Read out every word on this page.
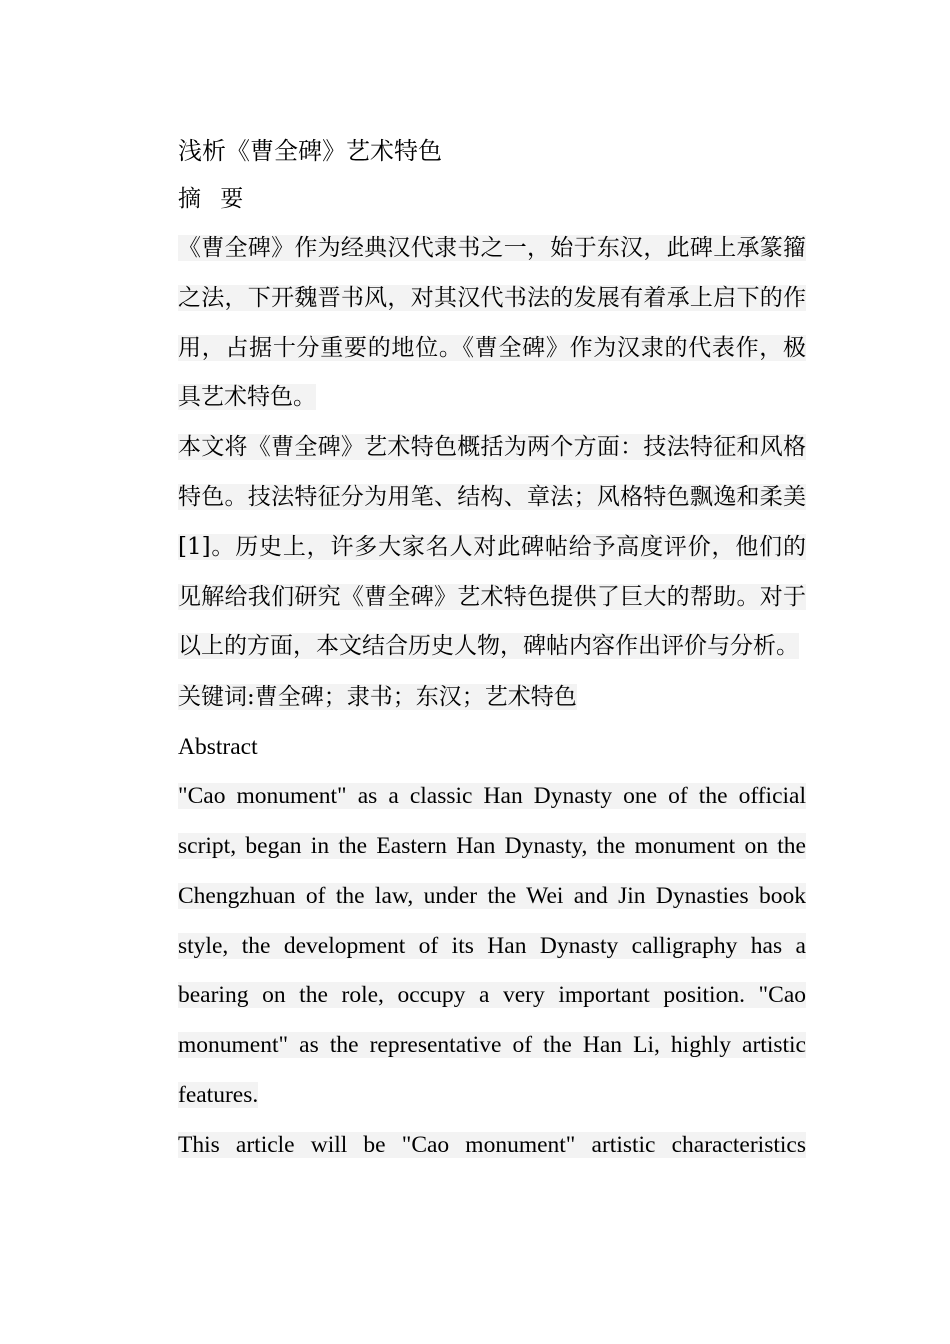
浅析《曹全碑》艺术特色

摘 要

《曹全碑》作为经典汉代隶书之一，始于东汉，此碑上承篆籀之法，下开魏晋书风，对其汉代书法的发展有着承上启下的作用，占据十分重要的地位。《曹全碑》作为汉隶的代表作，极具艺术特色。

本文将《曹全碑》艺术特色概括为两个方面：技法特征和风格特色。技法特征分为用笔、结构、章法；风格特色飘逸和柔美[1]。历史上，许多大家名人对此碑帖给予高度评价，他们的见解给我们研究《曹全碑》艺术特色提供了巨大的帮助。对于以上的方面，本文结合历史人物，碑帖内容作出评价与分析。

关键词:曹全碑；隶书；东汉；艺术特色

Abstract

"Cao monument" as a classic Han Dynasty one of the official script, began in the Eastern Han Dynasty, the monument on the Chengzhuan of the law, under the Wei and Jin Dynasties book style, the development of its Han Dynasty calligraphy has a bearing on the role, occupy a very important position. "Cao monument" as the representative of the Han Li, highly artistic features.

This article will be "Cao monument" artistic characteristics
